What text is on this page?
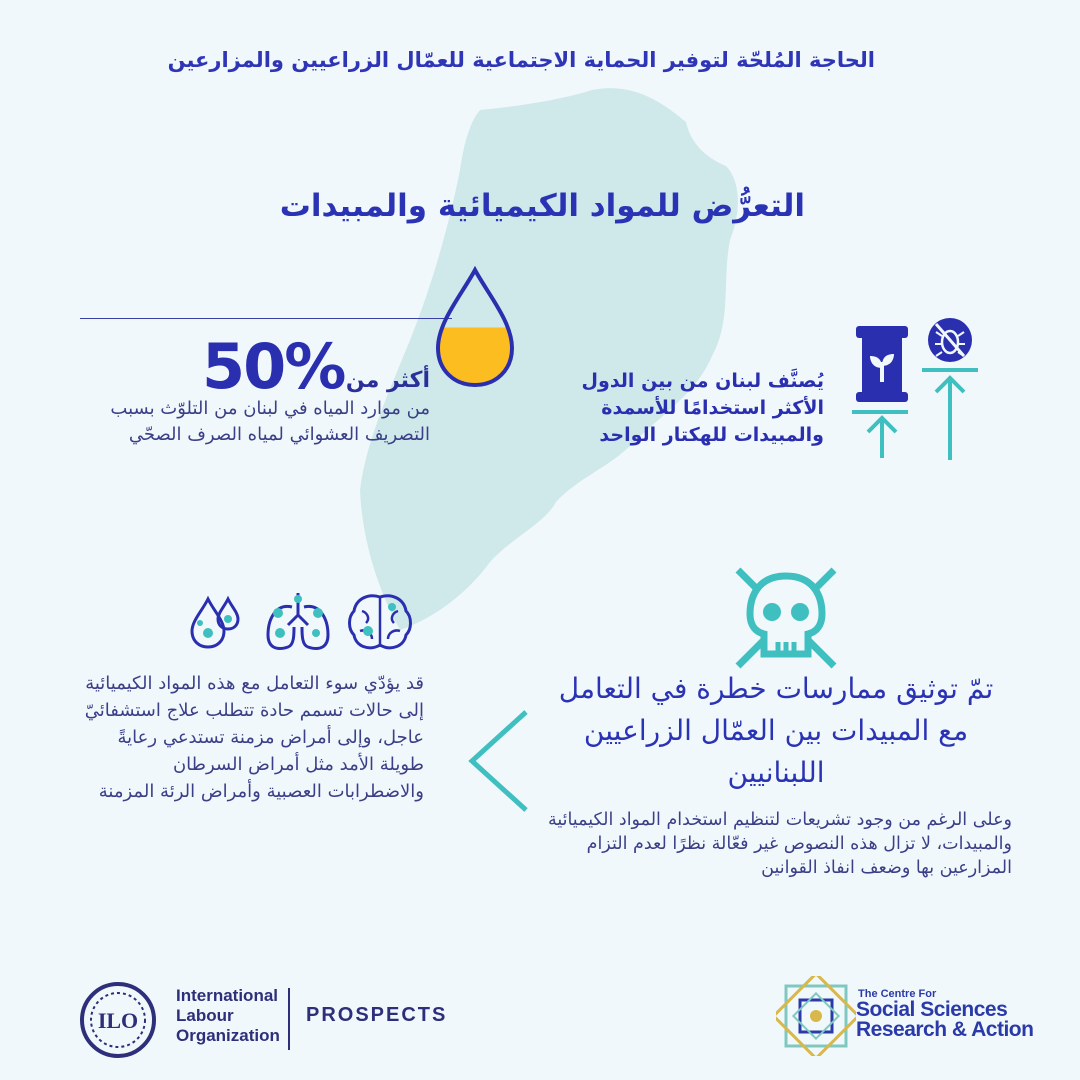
الحاجة المُلحّة لتوفير الحماية الاجتماعية للعمّال الزراعيين والمزارعين
التعرُّض للمواد الكيميائية والمبيدات
50% أكثر من
من موارد المياه في لبنان من التلوّث بسبب التصريف العشوائي لمياه الصرف الصحّي
يُصنَّف لبنان من بين الدول الأكثر استخدامًا للأسمدة والمبيدات للهكتار الواحد
قد يؤدّي سوء التعامل مع هذه المواد الكيميائية إلى حالات تسمم حادة تتطلب علاج استشفائيّ عاجل، وإلى أمراض مزمنة تستدعي رعايةً طويلة الأمد مثل أمراض السرطان والاضطرابات العصبية وأمراض الرئة المزمنة
تمّ توثيق ممارسات خطرة في التعامل مع المبيدات بين العمّال الزراعيين اللبنانيين
وعلى الرغم من وجود تشريعات لتنظيم استخدام المواد الكيميائية والمبيدات، لا تزال هذه النصوص غير فعّالة نظرًا لعدم التزام المزارعين بها وضعف انفاذ القوانين
ILO
International
Labour
Organization
PROSPECTS
The Centre For
Social Sciences
Research & Action
